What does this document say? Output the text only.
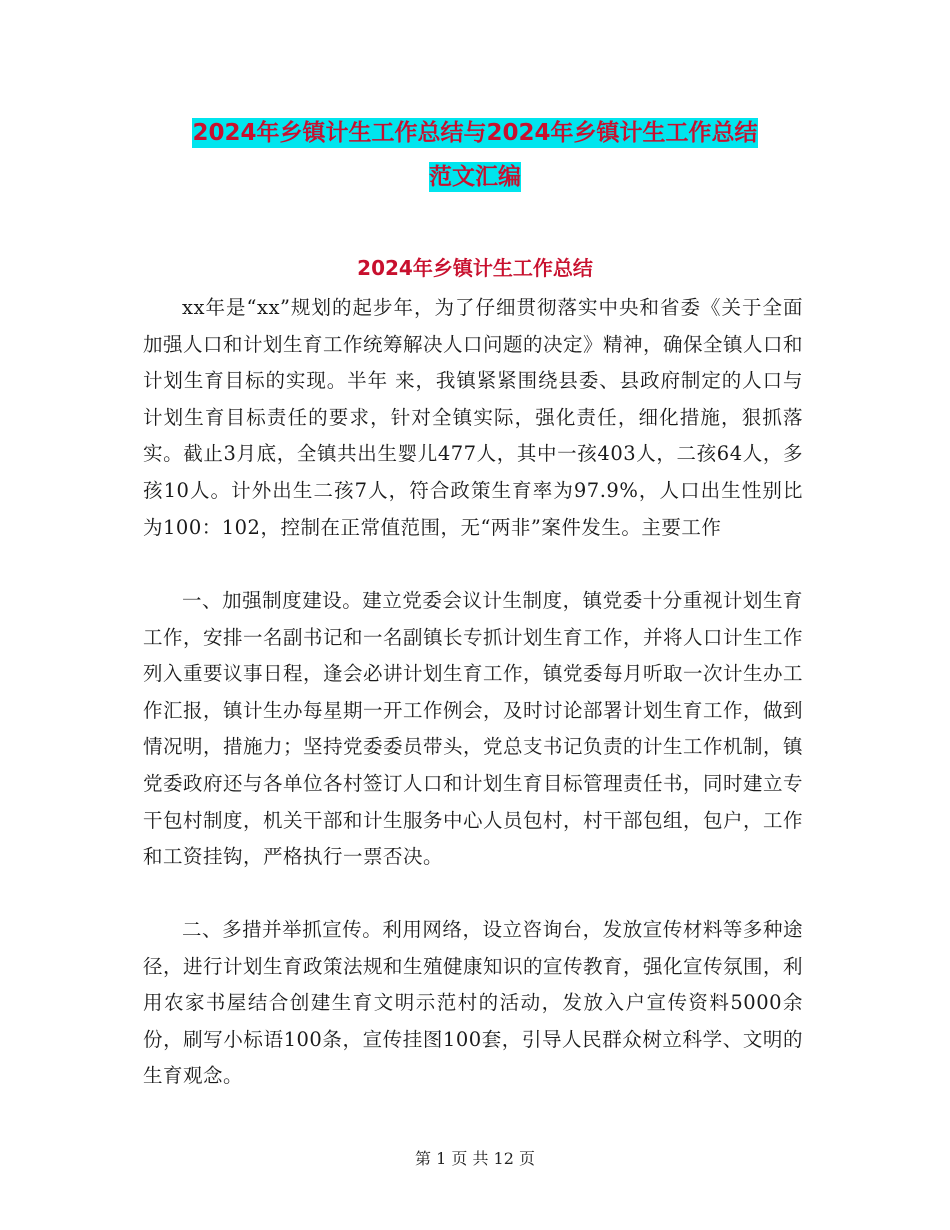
2024年乡镇计生工作总结与2024年乡镇计生工作总结
范文汇编
2024年乡镇计生工作总结

xx年是“xx”规划的起步年，为了仔细贯彻落实中央和省委《关于全面加强人口和计划生育工作统筹解决人口问题的决定》精神，确保全镇人口和计划生育目标的实现。半年 来，我镇紧紧围绕县委、县政府制定的人口与计划生育目标责任的要求，针对全镇实际，强化责任，细化措施，狠抓落实。截止3月底，全镇共出生婴儿477人，其中一孩403人，二孩64人，多孩10人。计外出生二孩7人，符合政策生育率为97.9%，人口出生性别比为100：102，控制在正常值范围，无“两非”案件发生。主要工作

一、加强制度建设。建立党委会议计生制度，镇党委十分重视计划生育工作，安排一名副书记和一名副镇长专抓计划生育工作，并将人口计生工作列入重要议事日程，逢会必讲计划生育工作，镇党委每月听取一次计生办工作汇报，镇计生办每星期一开工作例会，及时讨论部署计划生育工作，做到情况明，措施力；坚持党委委员带头，党总支书记负责的计生工作机制，镇党委政府还与各单位各村签订人口和计划生育目标管理责任书，同时建立专干包村制度，机关干部和计生服务中心人员包村，村干部包组，包户，工作和工资挂钩，严格执行一票否决。

二、多措并举抓宣传。利用网络，设立咨询台，发放宣传材料等多种途径，进行计划生育政策法规和生殖健康知识的宣传教育，强化宣传氛围，利用农家书屋结合创建生育文明示范村的活动，发放入户宣传资料5000余份，刷写小标语100条，宣传挂图100套，引导人民群众树立科学、文明的生育观念。

第 1 页 共 12 页
